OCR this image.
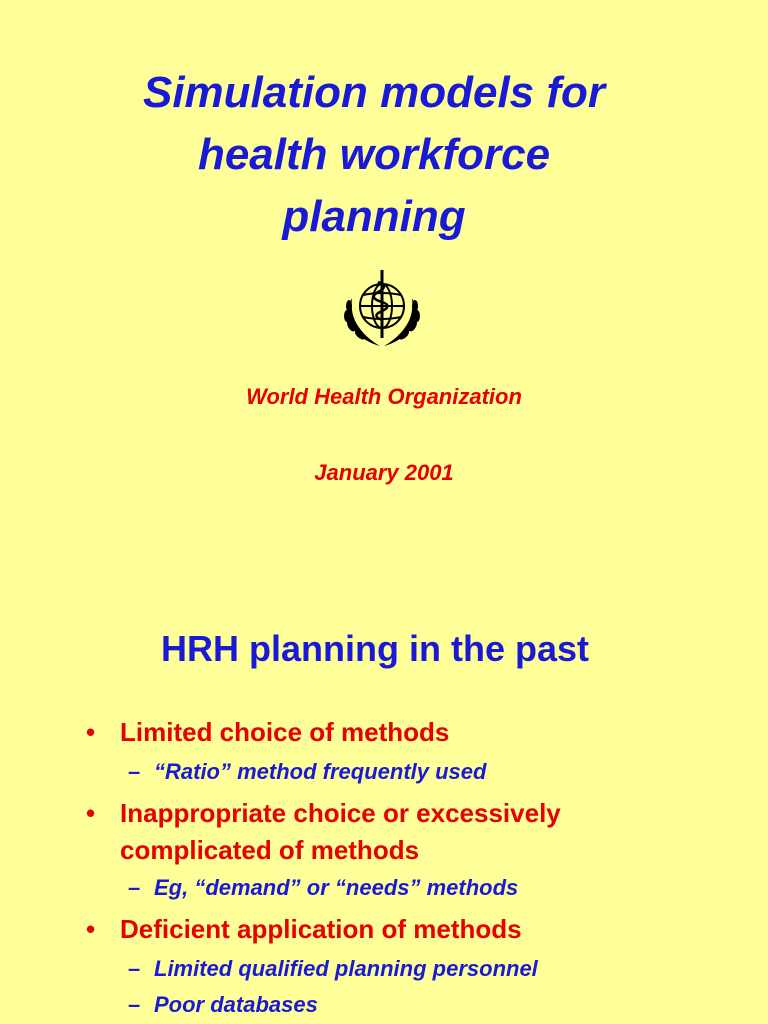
Simulation models for
health workforce
planning
World Health Organization
January 2001
HRH planning in the past
• Limited choice of methods
– “Ratio” method frequently used
• Inappropriate choice or excessively
complicated of methods
– Eg, “demand” or “needs” methods
• Deficient application of methods
– Limited qualified planning personnel
– Poor databases
